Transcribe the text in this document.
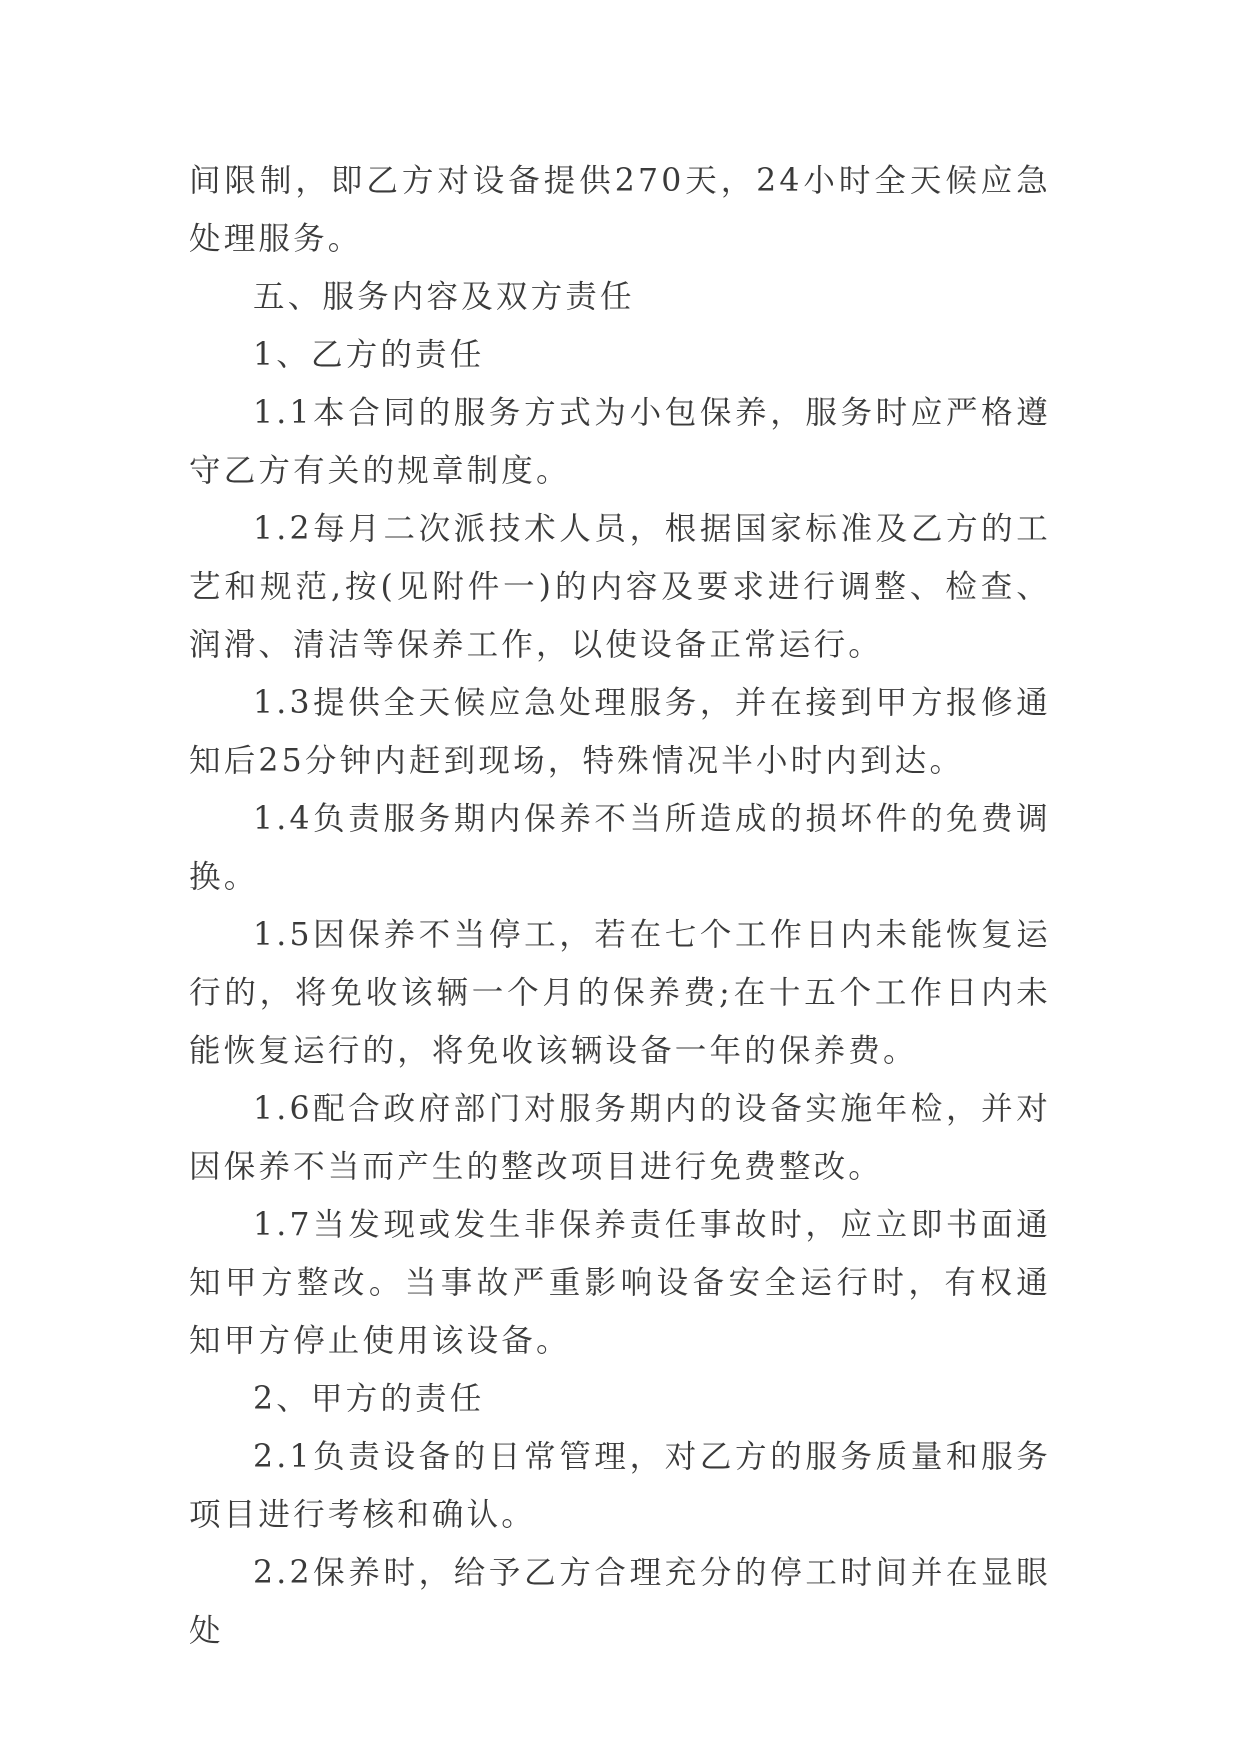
间限制，即乙方对设备提供270天，24小时全天候应急处理服务。

五、服务内容及双方责任

1、乙方的责任

1.1本合同的服务方式为小包保养，服务时应严格遵守乙方有关的规章制度。

1.2每月二次派技术人员，根据国家标准及乙方的工艺和规范,按(见附件一)的内容及要求进行调整、检查、润滑、清洁等保养工作，以使设备正常运行。

1.3提供全天候应急处理服务，并在接到甲方报修通知后25分钟内赶到现场，特殊情况半小时内到达。

1.4负责服务期内保养不当所造成的损坏件的免费调换。

1.5因保养不当停工，若在七个工作日内未能恢复运行的，将免收该辆一个月的保养费;在十五个工作日内未能恢复运行的，将免收该辆设备一年的保养费。

1.6配合政府部门对服务期内的设备实施年检，并对因保养不当而产生的整改项目进行免费整改。

1.7当发现或发生非保养责任事故时，应立即书面通知甲方整改。当事故严重影响设备安全运行时，有权通知甲方停止使用该设备。

2、甲方的责任

2.1负责设备的日常管理，对乙方的服务质量和服务项目进行考核和确认。

2.2保养时，给予乙方合理充分的停工时间并在显眼处
